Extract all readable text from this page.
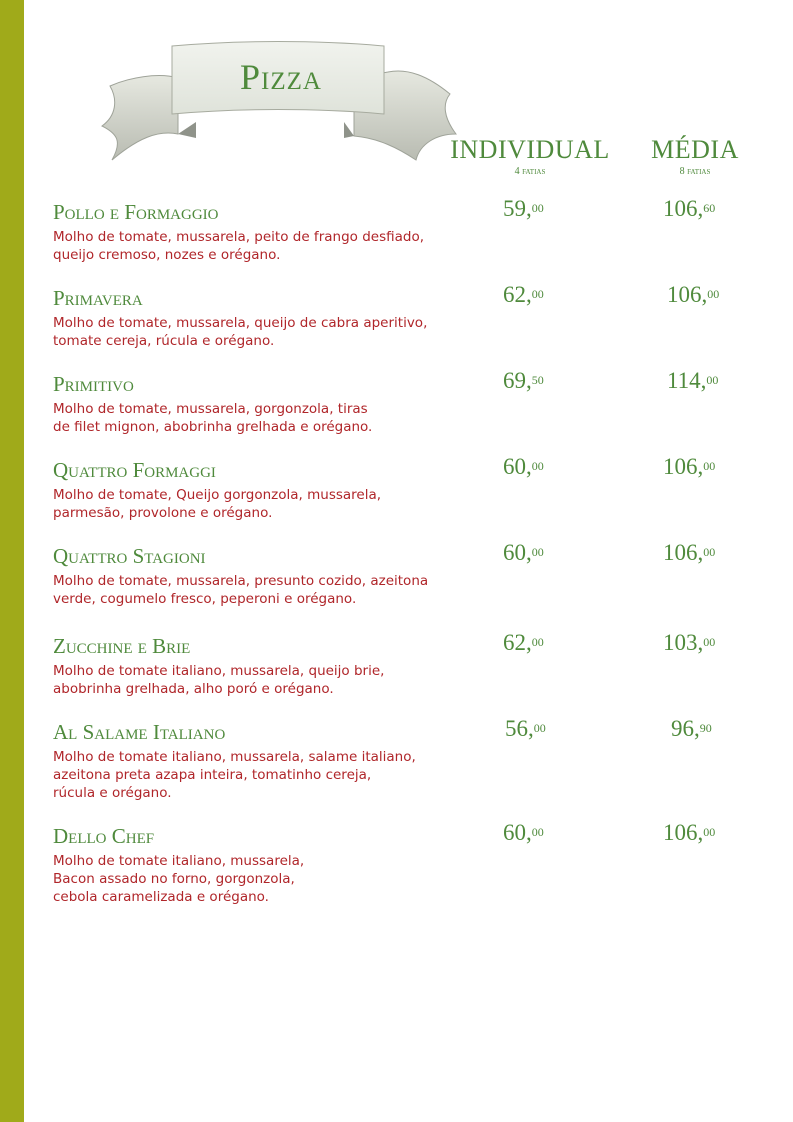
Pizza
INDIVIDUAL
4 fatias
MÉDIA
8 fatias
Pollo e Formaggio
Molho de tomate, mussarela, peito de frango desfiado,
queijo cremoso, nozes e orégano.
59,00	106,60
Primavera
Molho de tomate, mussarela, queijo de cabra aperitivo,
tomate cereja, rúcula e orégano.
62,00	106,00
Primitivo
Molho de tomate, mussarela, gorgonzola, tiras
de filet mignon, abobrinha grelhada e orégano.
69,50	114,00
Quattro Formaggi
Molho de tomate, Queijo gorgonzola, mussarela,
parmesão, provolone e orégano.
60,00	106,00
Quattro Stagioni
Molho de tomate, mussarela, presunto cozido, azeitona
verde, cogumelo fresco, peperoni e orégano.
60,00	106,00
Zucchine e Brie
Molho de tomate italiano, mussarela, queijo brie,
abobrinha grelhada, alho poró e orégano.
62,00	103,00
Al Salame Italiano
Molho de tomate italiano, mussarela, salame italiano,
azeitona preta azapa inteira, tomatinho cereja,
rúcula e orégano.
56,00	96,90
Dello Chef
Molho de tomate italiano, mussarela,
Bacon assado no forno, gorgonzola,
cebola caramelizada e orégano.
60,00	106,00
